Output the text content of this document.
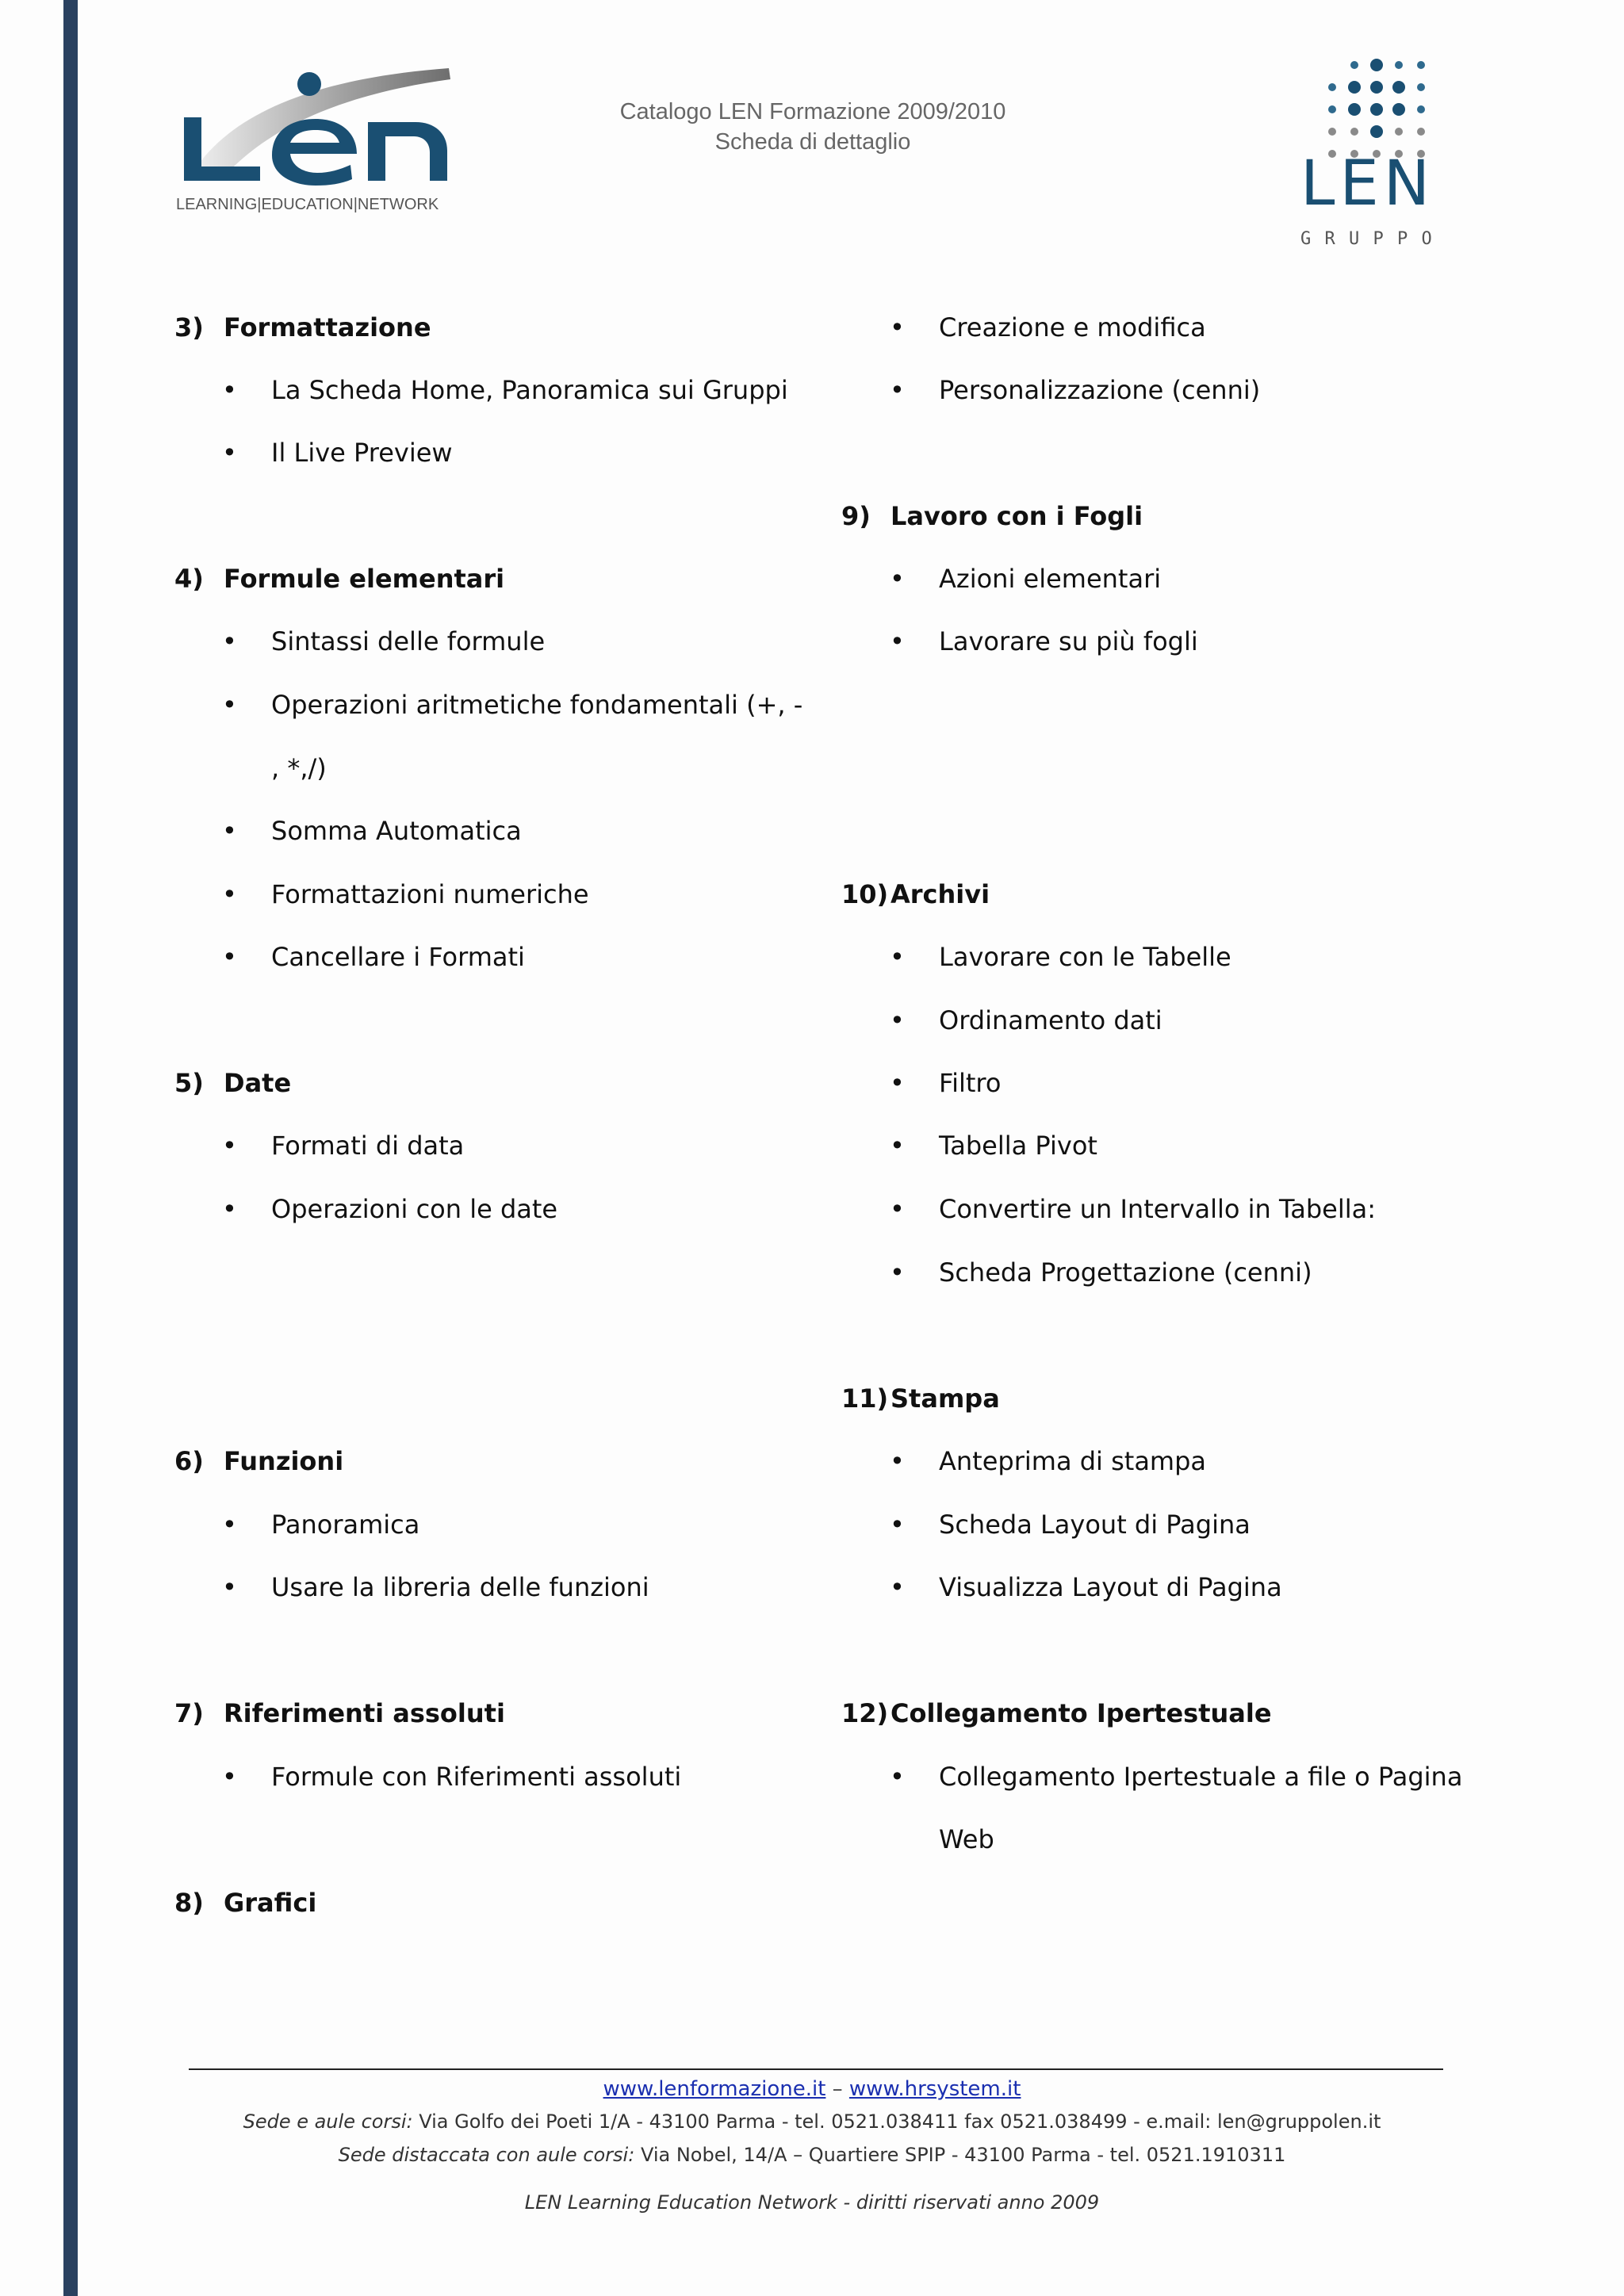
LEARNING|EDUCATION|NETWORK
Catalogo LEN Formazione 2009/2010
Scheda di dettaglio
LEN
G R U P P O
3) Formattazione
• La Scheda Home, Panoramica sui Gruppi
• Il Live Preview
4) Formule elementari
• Sintassi delle formule
• Operazioni aritmetiche fondamentali (+, -
, *,/)
• Somma Automatica
• Formattazioni numeriche
• Cancellare i Formati
5) Date
• Formati di data
• Operazioni con le date
6) Funzioni
• Panoramica
• Usare la libreria delle funzioni
7) Riferimenti assoluti
• Formule con Riferimenti assoluti
8) Grafici
• Creazione e modifica
• Personalizzazione (cenni)
9) Lavoro con i Fogli
• Azioni elementari
• Lavorare su più fogli
10) Archivi
• Lavorare con le Tabelle
• Ordinamento dati
• Filtro
• Tabella Pivot
• Convertire un Intervallo in Tabella:
• Scheda Progettazione (cenni)
11) Stampa
• Anteprima di stampa
• Scheda Layout di Pagina
• Visualizza Layout di Pagina
12) Collegamento Ipertestuale
• Collegamento Ipertestuale a file o Pagina
Web
www.lenformazione.it – www.hrsystem.it
Sede e aule corsi: Via Golfo dei Poeti 1/A - 43100 Parma - tel. 0521.038411 fax 0521.038499 - e.mail: len@gruppolen.it
Sede distaccata con aule corsi: Via Nobel, 14/A – Quartiere SPIP - 43100 Parma - tel. 0521.1910311
LEN Learning Education Network - diritti riservati anno 2009
